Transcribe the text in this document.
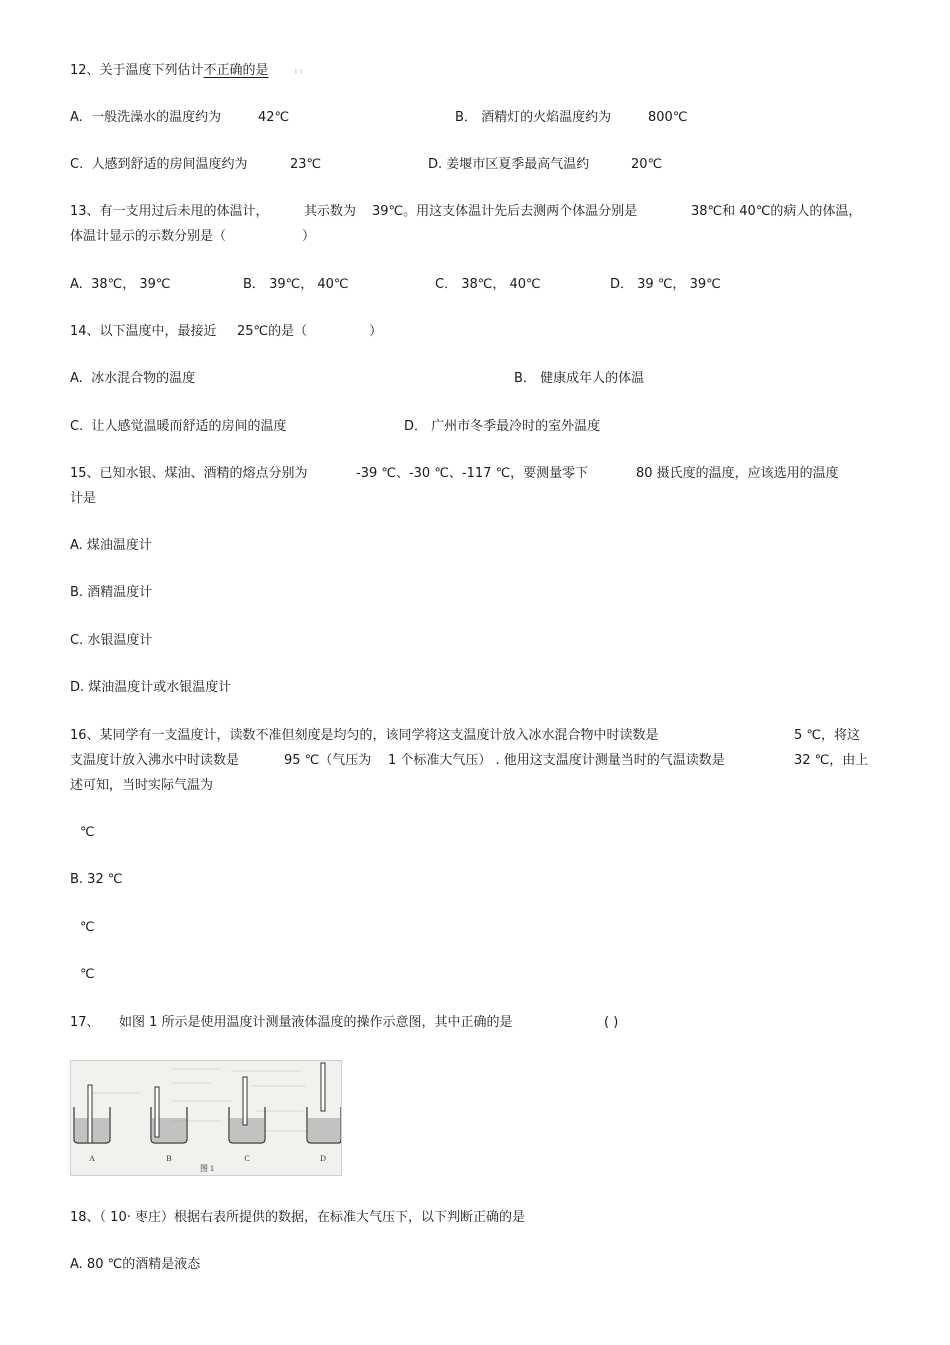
12、关于温度下列估计不正确的是	ı ı
A. 一般洗澡水的温度约为	42℃	B． 酒精灯的火焰温度约为	800℃
C. 人感到舒适的房间温度约为	23℃	D. 姜堰市区夏季最高气温约	20℃
13、有一支用过后未甩的体温计，	其示数为 39℃。用这支体温计先后去测两个体温分别是	38℃和 40℃的病人的体温，
体温计显示的示数分别是（	）
A. 38℃， 39℃	B． 39℃， 40℃	C． 38℃， 40℃	D． 39 ℃， 39℃
14、以下温度中，最接近 25℃的是（	）
A. 冰水混合物的温度	B． 健康成年人的体温
C. 让人感觉温暖而舒适的房间的温度	D． 广州市冬季最冷时的室外温度
15、已知水银、煤油、酒精的熔点分别为	-39 ℃、-30 ℃、-117 ℃，要测量零下	80 摄氏度的温度，应该选用的温度
计是
A. 煤油温度计
B. 酒精温度计
C. 水银温度计
D. 煤油温度计或水银温度计
16、某同学有一支温度计，读数不准但刻度是均匀的，该同学将这支温度计放入冰水混合物中时读数是	5 ℃，将这
支温度计放入沸水中时读数是	95 ℃（气压为 1 个标准大气压） . 他用这支温度计测量当时的气温读数是	32 ℃，由上
述可知，当时实际气温为
℃
B. 32 ℃
℃
℃
17、 如图 1 所示是使用温度计测量液体温度的操作示意图，其中正确的是	( )
A	B	C	D
图 1
18、（ 10· 枣庄）根据右表所提供的数据，在标准大气压下，以下判断正确的是
A. 80 ℃的酒精是液态
